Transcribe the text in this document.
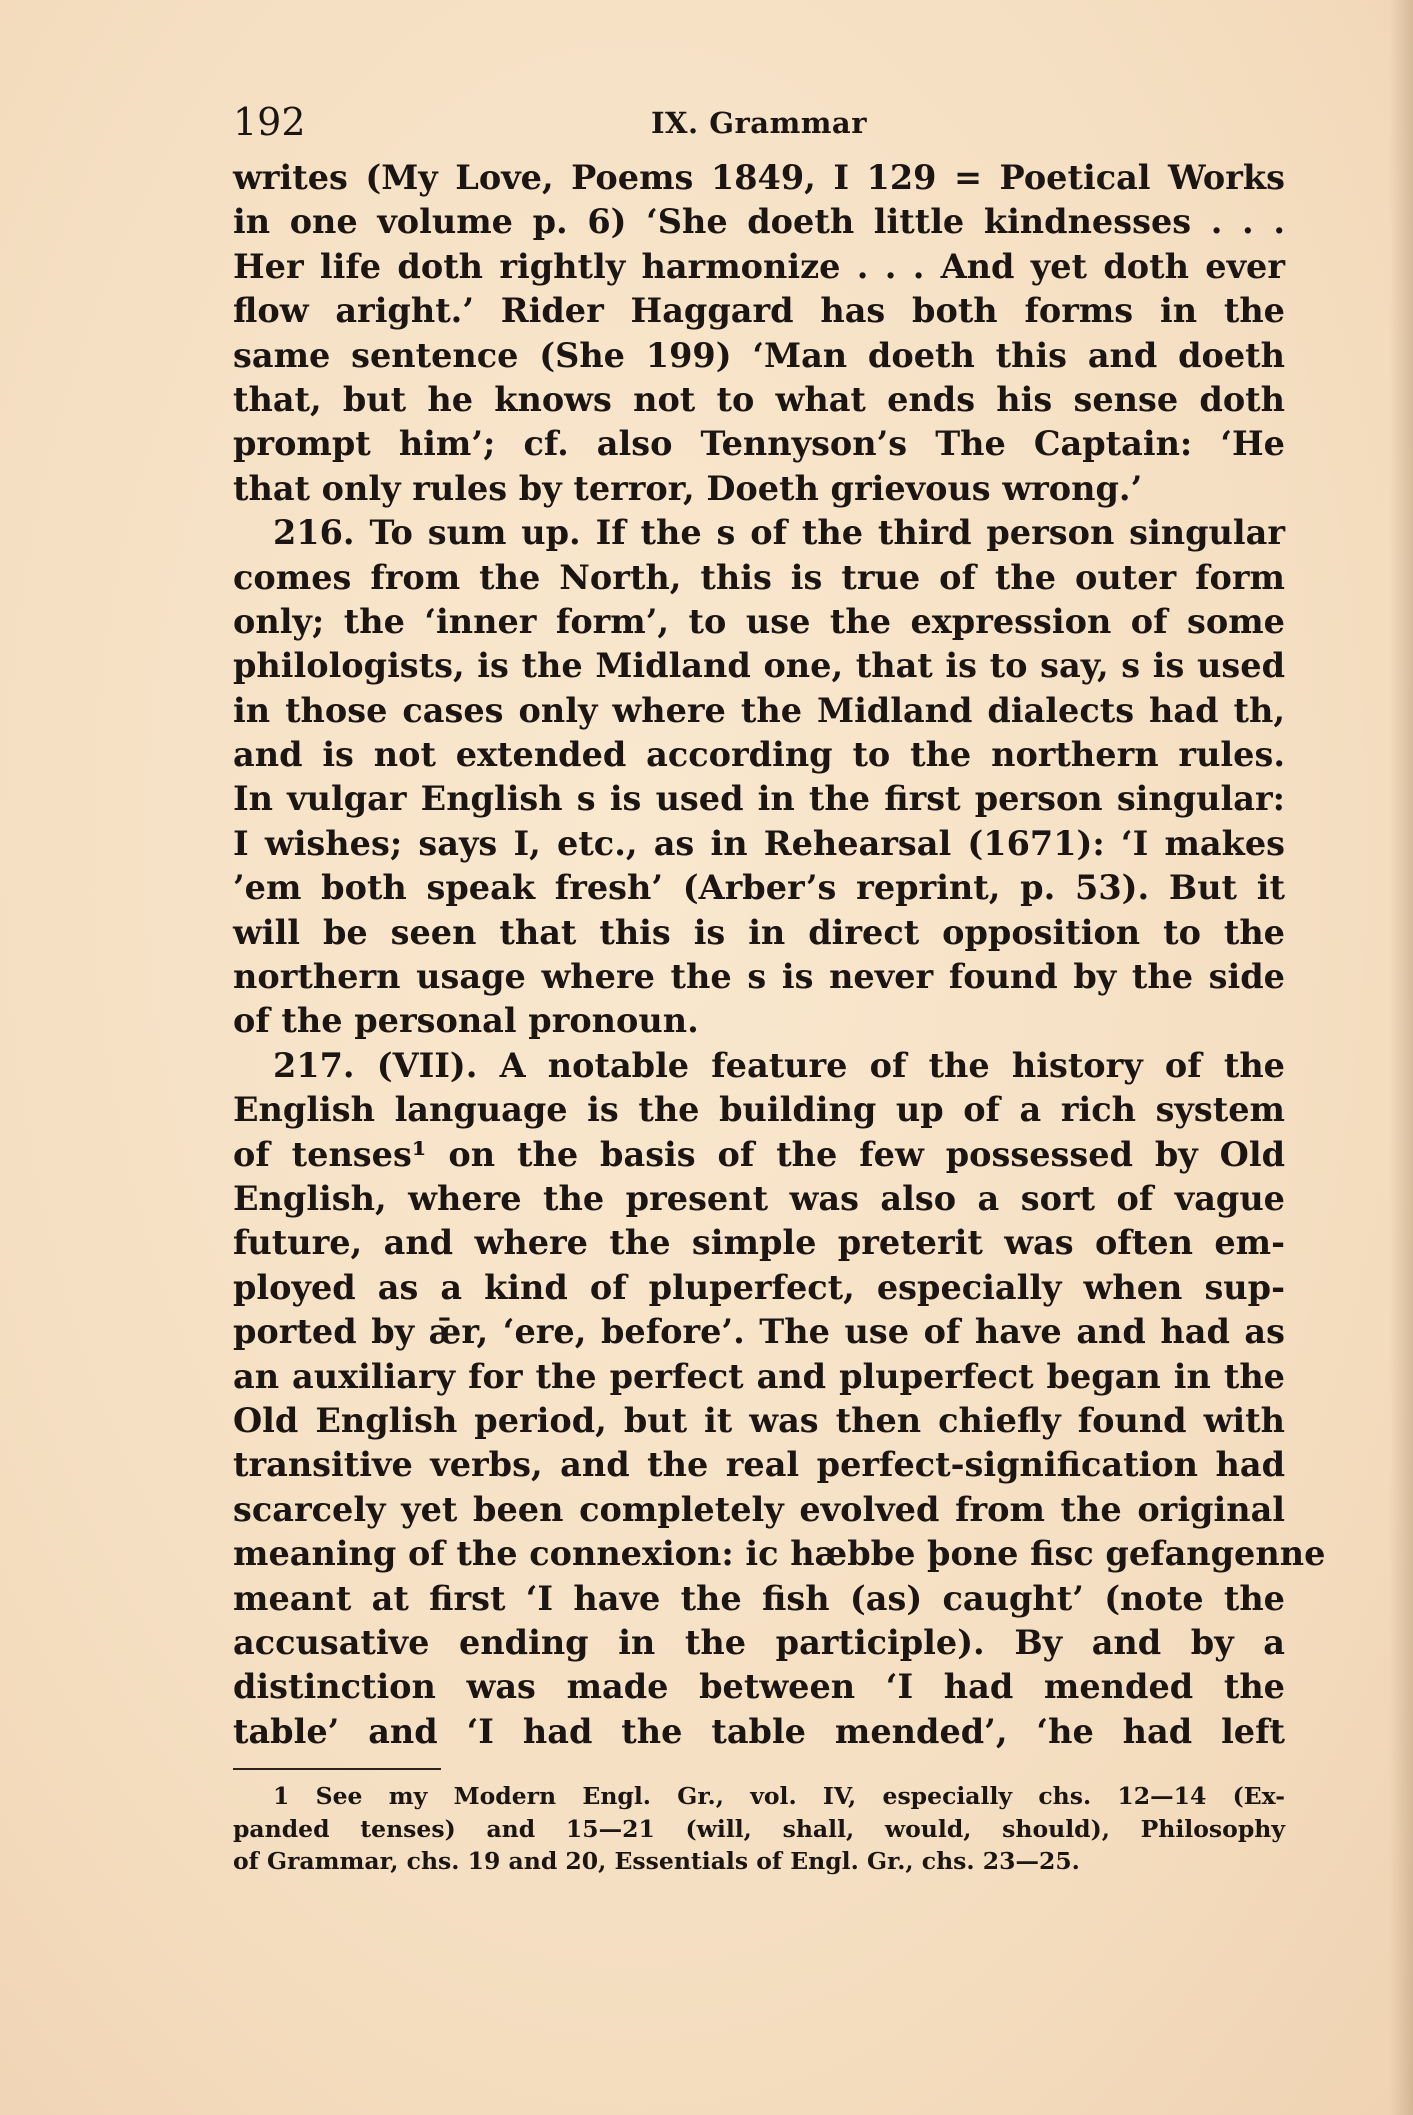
192	IX. Grammar
writes (My Love, Poems 1849, I 129 = Poetical Works
in one volume p. 6) ‘She doeth little kindnesses . . .
Her life doth rightly harmonize . . . And yet doth ever
flow aright.’ Rider Haggard has both forms in the
same sentence (She 199) ‘Man doeth this and doeth
that, but he knows not to what ends his sense doth
prompt him’; cf. also Tennyson’s The Captain: ‘He
that only rules by terror, Doeth grievous wrong.’
216. To sum up. If the s of the third person singular
comes from the North, this is true of the outer form
only; the ‘inner form’, to use the expression of some
philologists, is the Midland one, that is to say, s is used
in those cases only where the Midland dialects had th,
and is not extended according to the northern rules.
In vulgar English s is used in the first person singular:
I wishes; says I, etc., as in Rehearsal (1671): ‘I makes
’em both speak fresh’ (Arber’s reprint, p. 53). But it
will be seen that this is in direct opposition to the
northern usage where the s is never found by the side
of the personal pronoun.
217. (VII). A notable feature of the history of the
English language is the building up of a rich system
of tenses¹ on the basis of the few possessed by Old
English, where the present was also a sort of vague
future, and where the simple preterit was often em-
ployed as a kind of pluperfect, especially when sup-
ported by ǣr, ‘ere, before’. The use of have and had as
an auxiliary for the perfect and pluperfect began in the
Old English period, but it was then chiefly found with
transitive verbs, and the real perfect-signification had
scarcely yet been completely evolved from the original
meaning of the connexion: ic hæbbe þone fisc gefangenne
meant at first ‘I have the fish (as) caught’ (note the
accusative ending in the participle). By and by a
distinction was made between ‘I had mended the
table’ and ‘I had the table mended’, ‘he had left
1 See my Modern Engl. Gr., vol. IV, especially chs. 12—14 (Ex-
panded tenses) and 15—21 (will, shall, would, should), Philosophy
of Grammar, chs. 19 and 20, Essentials of Engl. Gr., chs. 23—25.
